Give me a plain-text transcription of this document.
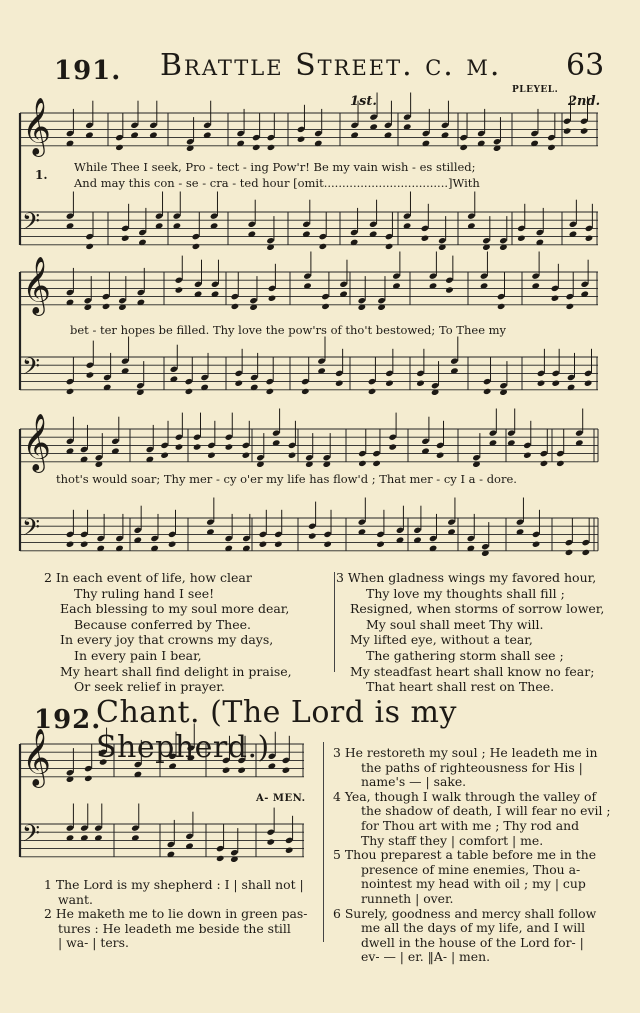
191. Brattle Street. c. m. 63
PLEYEL.
1st.	2nd.
𝄞
𝄢
𝄞
𝄢
𝄞
𝄢
𝄞
𝄢
1.
While Thee I seek, Pro - tect - ing Pow'r! Be my vain wish - es stilled;
And may this con - se - cra - ted hour [omit..................................]With
bet - ter hopes be filled. Thy love the pow'rs of tho't bestowed; To Thee my
thot's would soar; Thy mer - cy o'er my life has flow'd ; That mer - cy I a - dore.
2 In each event of life, how clear
Thy ruling hand I see!
Each blessing to my soul more dear,
Because conferred by Thee.
In every joy that crowns my days,
In every pain I bear,
My heart shall find delight in praise,
Or seek relief in prayer.
3 When gladness wings my favored hour,
Thy love my thoughts shall fill ;
Resigned, when storms of sorrow lower,
My soul shall meet Thy will.
My lifted eye, without a tear,
The gathering storm shall see ;
My steadfast heart shall know no fear;
That heart shall rest on Thee.
192.
Chant. (The Lord is my Shepherd.)
A- MEN.
1 The Lord is my shepherd : I | shall not |
want.
2 He maketh me to lie down in green pas-
tures : He leadeth me beside the still
| wa- | ters.
3 He restoreth my soul ; He leadeth me in
the paths of righteousness for His |
name's — | sake.
4 Yea, though I walk through the valley of
the shadow of death, I will fear no evil ;
for Thou art with me ; Thy rod and
Thy staff they | comfort | me.
5 Thou preparest a table before me in the
presence of mine enemies, Thou a-
nointest my head with oil ; my | cup
runneth | over.
6 Surely, goodness and mercy shall follow
me all the days of my life, and I will
dwell in the house of the Lord for- |
ev- — | er. ‖A- | men.
